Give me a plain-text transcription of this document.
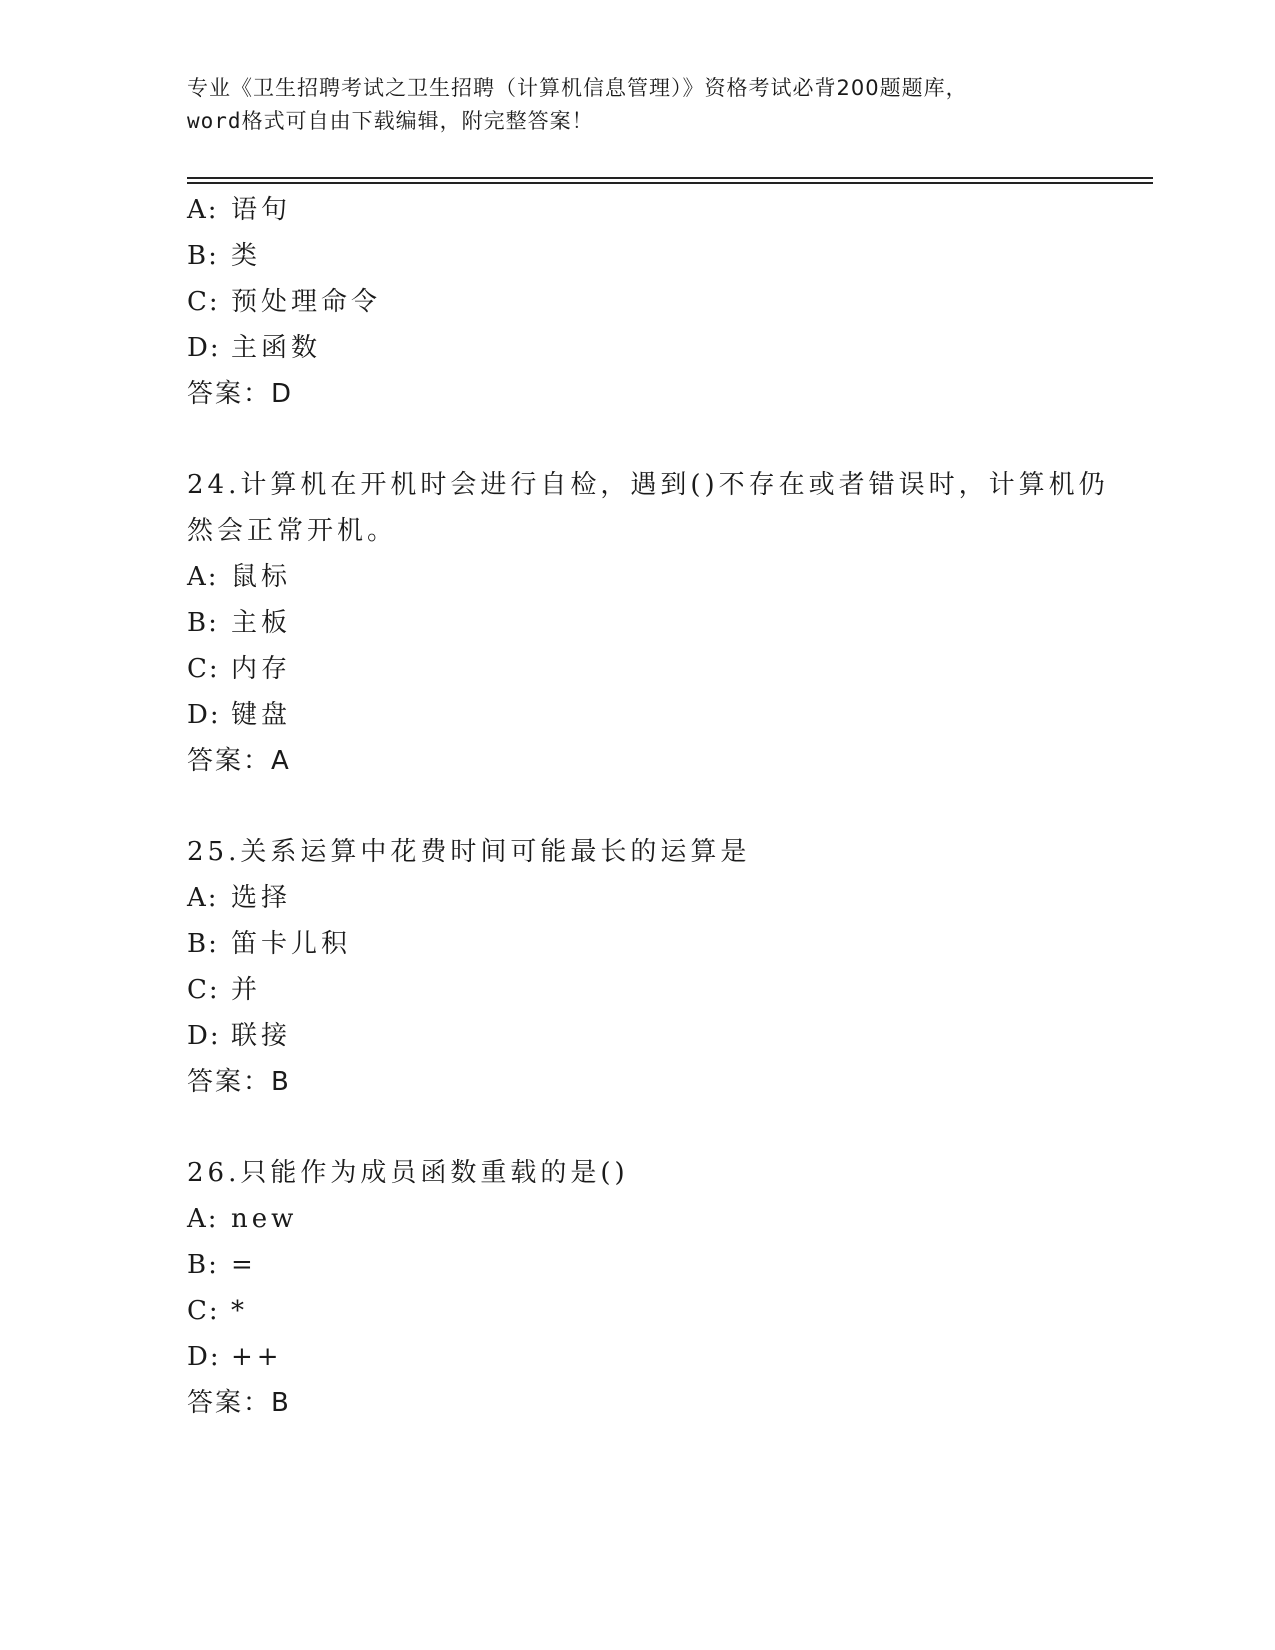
专业《卫生招聘考试之卫生招聘（计算机信息管理）》资格考试必背200题题库，
word格式可自由下载编辑，附完整答案！
A: 语句
B: 类
C: 预处理命令
D: 主函数
答案：D
24.计算机在开机时会进行自检，遇到()不存在或者错误时，计算机仍
然会正常开机。
A: 鼠标
B: 主板
C: 内存
D: 键盘
答案：A
25.关系运算中花费时间可能最长的运算是
A: 选择
B: 笛卡儿积
C: 并
D: 联接
答案：B
26.只能作为成员函数重载的是()
A: new
B: =
C: *
D: ++
答案：B
